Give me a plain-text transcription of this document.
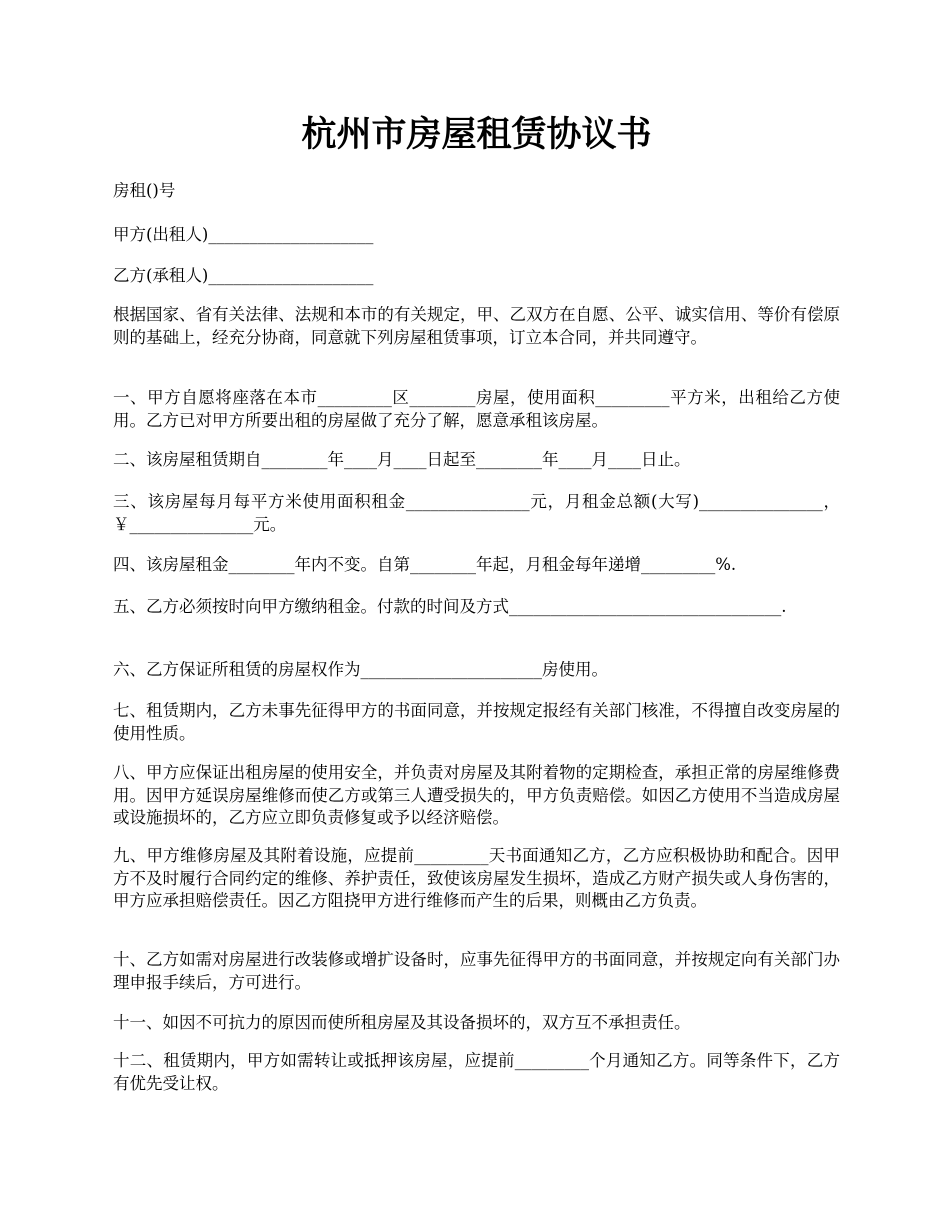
杭州市房屋租赁协议书

房租()号

甲方(出租人)____________________

乙方(承租人)____________________

根据国家、省有关法律、法规和本市的有关规定，甲、乙双方在自愿、公平、诚实信用、等价有偿原则的基础上，经充分协商，同意就下列房屋租赁事项，订立本合同，并共同遵守。

一、甲方自愿将座落在本市_________区________房屋，使用面积_________平方米，出租给乙方使用。乙方已对甲方所要出租的房屋做了充分了解，愿意承租该房屋。

二、该房屋租赁期自________年____月____日起至________年____月____日止。

三、该房屋每月每平方米使用面积租金_______________元，月租金总额(大写)_______________，￥_______________元。

四、该房屋租金________年内不变。自第________年起，月租金每年递增_________%.

五、乙方必须按时向甲方缴纳租金。付款的时间及方式_________________________________.

六、乙方保证所租赁的房屋权作为______________________房使用。

七、租赁期内，乙方未事先征得甲方的书面同意，并按规定报经有关部门核准，不得擅自改变房屋的使用性质。

八、甲方应保证出租房屋的使用安全，并负责对房屋及其附着物的定期检查，承担正常的房屋维修费用。因甲方延误房屋维修而使乙方或第三人遭受损失的，甲方负责赔偿。如因乙方使用不当造成房屋或设施损坏的，乙方应立即负责修复或予以经济赔偿。

九、甲方维修房屋及其附着设施，应提前_________天书面通知乙方，乙方应积极协助和配合。因甲方不及时履行合同约定的维修、养护责任，致使该房屋发生损坏，造成乙方财产损失或人身伤害的，甲方应承担赔偿责任。因乙方阻挠甲方进行维修而产生的后果，则概由乙方负责。

十、乙方如需对房屋进行改装修或增扩设备时，应事先征得甲方的书面同意，并按规定向有关部门办理申报手续后，方可进行。

十一、如因不可抗力的原因而使所租房屋及其设备损坏的，双方互不承担责任。

十二、租赁期内，甲方如需转让或抵押该房屋，应提前_________个月通知乙方。同等条件下，乙方有优先受让权。
